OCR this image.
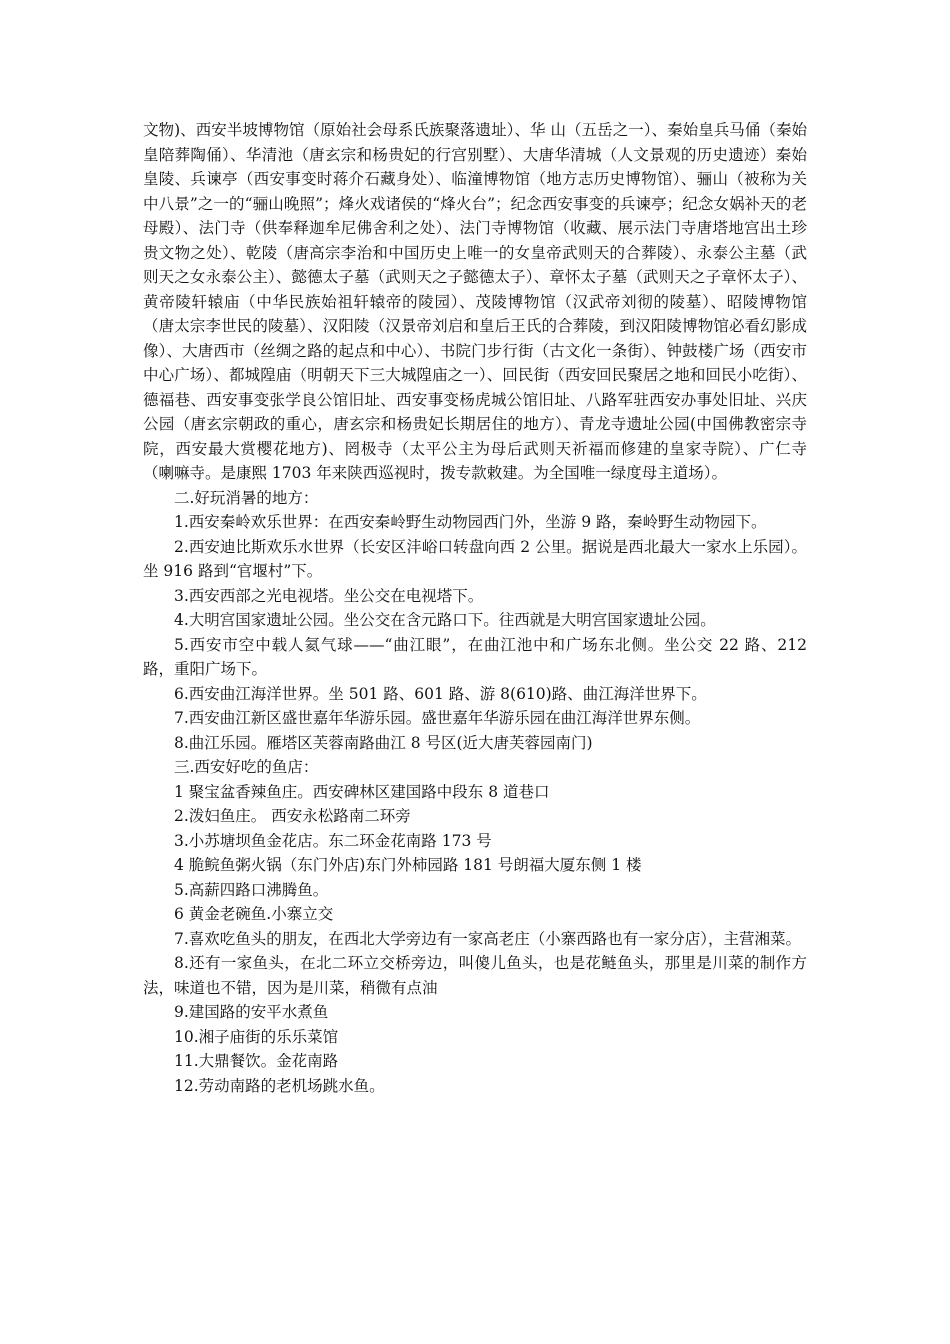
文物)、西安半坡博物馆（原始社会母系氏族聚落遗址）、华 山（五岳之一）、秦始皇兵马俑（秦始皇陪葬陶俑）、华清池（唐玄宗和杨贵妃的行宫别墅）、大唐华清城（人文景观的历史遗迹）秦始皇陵、兵谏亭（西安事变时蒋介石藏身处）、临潼博物馆（地方志历史博物馆）、骊山（被称为关中八景”之一的“骊山晚照”；烽火戏诸侯的“烽火台”；纪念西安事变的兵谏亭；纪念女娲补天的老母殿）、法门寺（供奉释迦牟尼佛舍利之处）、法门寺博物馆（收藏、展示法门寺唐塔地宫出土珍贵文物之处）、乾陵（唐高宗李治和中国历史上唯一的女皇帝武则天的合葬陵）、永泰公主墓（武则天之女永泰公主）、懿德太子墓（武则天之子懿德太子）、章怀太子墓（武则天之子章怀太子）、黄帝陵轩辕庙（中华民族始祖轩辕帝的陵园）、茂陵博物馆（汉武帝刘彻的陵墓）、昭陵博物馆（唐太宗李世民的陵墓）、汉阳陵（汉景帝刘启和皇后王氏的合葬陵，到汉阳陵博物馆必看幻影成像）、大唐西市（丝绸之路的起点和中心）、书院门步行街（古文化一条街）、钟鼓楼广场（西安市中心广场）、都城隍庙（明朝天下三大城隍庙之一）、回民街（西安回民聚居之地和回民小吃街）、德福巷、西安事变张学良公馆旧址、西安事变杨虎城公馆旧址、八路军驻西安办事处旧址、兴庆公园（唐玄宗朝政的重心，唐玄宗和杨贵妃长期居住的地方）、青龙寺遗址公园(中国佛教密宗寺院，西安最大赏樱花地方)、罔极寺（太平公主为母后武则天祈福而修建的皇家寺院）、广仁寺（喇嘛寺。是康熙 1703 年来陕西巡视时，拨专款敕建。为全国唯一绿度母主道场）。

二.好玩消暑的地方：

1.西安秦岭欢乐世界：在西安秦岭野生动物园西门外，坐游 9 路，秦岭野生动物园下。

2.西安迪比斯欢乐水世界（长安区沣峪口转盘向西 2 公里。据说是西北最大一家水上乐园）。坐 916 路到“官堰村”下。

3.西安西部之光电视塔。坐公交在电视塔下。

4.大明宫国家遗址公园。坐公交在含元路口下。往西就是大明宫国家遗址公园。

5.西安市空中载人氦气球——“曲江眼”，在曲江池中和广场东北侧。坐公交 22 路、212 路，重阳广场下。

6.西安曲江海洋世界。坐 501 路、601 路、游 8(610)路、曲江海洋世界下。

7.西安曲江新区盛世嘉年华游乐园。盛世嘉年华游乐园在曲江海洋世界东侧。

8.曲江乐园。雁塔区芙蓉南路曲江 8 号区(近大唐芙蓉园南门)

三.西安好吃的鱼店：

1 聚宝盆香辣鱼庄。西安碑林区建国路中段东 8 道巷口

2.泼妇鱼庄。 西安永松路南二环旁

3.小苏塘坝鱼金花店。东二环金花南路 173 号

4 脆鲩鱼粥火锅（东门外店)东门外柿园路 181 号朗福大厦东侧 1 楼

5.高薪四路口沸腾鱼。

6 黄金老碗鱼.小寨立交

7.喜欢吃鱼头的朋友，在西北大学旁边有一家高老庄（小寨西路也有一家分店），主营湘菜。

8.还有一家鱼头，在北二环立交桥旁边，叫傻儿鱼头，也是花鲢鱼头，那里是川菜的制作方法，味道也不错，因为是川菜，稍微有点油

9.建国路的安平水煮鱼

10.湘子庙街的乐乐菜馆

11.大鼎餐饮。金花南路

12.劳动南路的老机场跳水鱼。
